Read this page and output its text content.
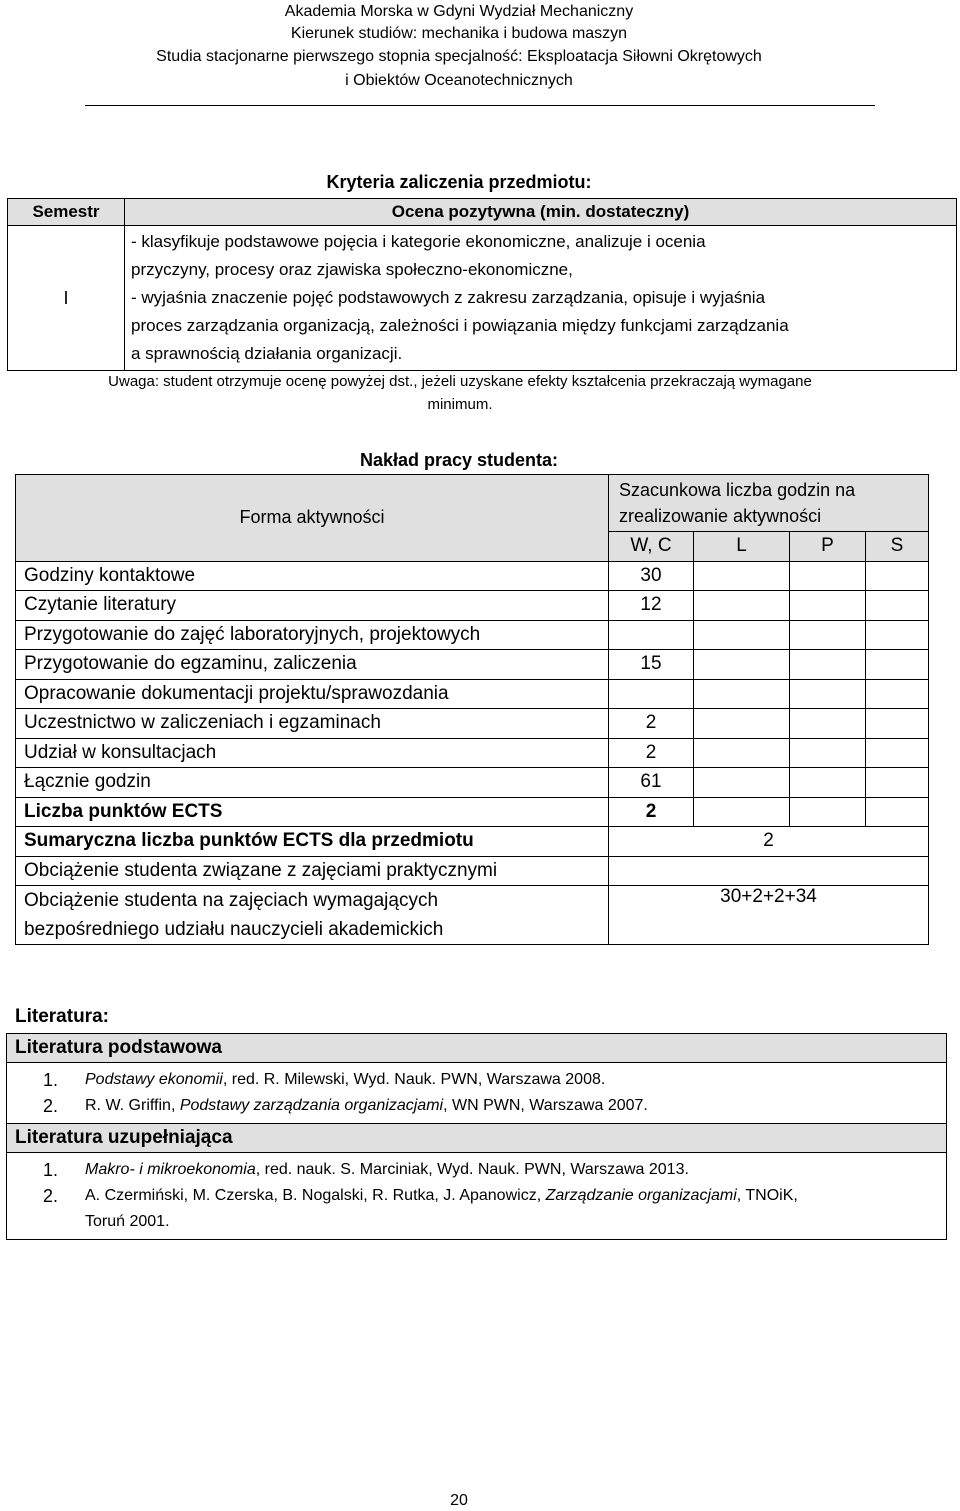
Akademia Morska w Gdyni Wydział Mechaniczny
Kierunek studiów: mechanika i budowa maszyn
Studia stacjonarne pierwszego stopnia specjalność: Eksploatacja Siłowni Okrętowych
i Obiektów Oceanotechnicznych
Kryteria zaliczenia przedmiotu:
Semestr	Ocena pozytywna (min. dostateczny)
I	- klasyfikuje podstawowe pojęcia i kategorie ekonomiczne, analizuje i ocenia
przyczyny, procesy oraz zjawiska społeczno-ekonomiczne,
- wyjaśnia znaczenie pojęć podstawowych z zakresu zarządzania, opisuje i wyjaśnia
proces zarządzania organizacją, zależności i powiązania między funkcjami zarządzania
a sprawnością działania organizacji.
Uwaga: student otrzymuje ocenę powyżej dst., jeżeli uzyskane efekty kształcenia przekraczają wymagane
minimum.
Nakład pracy studenta:
Forma aktywności	Szacunkowa liczba godzin na
zrealizowanie aktywności			

	W, C	L	P	S
Godziny kontaktowe	30			
Czytanie literatury	12			
Przygotowanie do zajęć laboratoryjnych, projektowych				
Przygotowanie do egzaminu, zaliczenia	15			
Opracowanie dokumentacji projektu/sprawozdania				
Uczestnictwo w zaliczeniach i egzaminach	2			
Udział w konsultacjach	2			
Łącznie godzin	61			
Liczba punktów ECTS	2			
Sumaryczna liczba punktów ECTS dla przedmiotu	2			
Obciążenie studenta związane z zajęciami praktycznymi				

Obciążenie studenta na zajęciach wymagających
bezpośredniego udziału nauczycieli akademickich	30+2+2+34			
Literatura:
Literatura podstawowa

1.	Podstawy ekonomii, red. R. Milewski, Wyd. Nauk. PWN, Warszawa 2008.
2.	R. W. Griffin, Podstawy zarządzania organizacjami, WN PWN, Warszawa 2007.

Literatura uzupełniająca

1.	Makro- i mikroekonomia, red. nauk. S. Marciniak, Wyd. Nauk. PWN, Warszawa 2013.
2.	A. Czermiński, M. Czerska, B. Nogalski, R. Rutka, J. Apanowicz, Zarządzanie organizacjami, TNOiK,
Toruń 2001.
20
